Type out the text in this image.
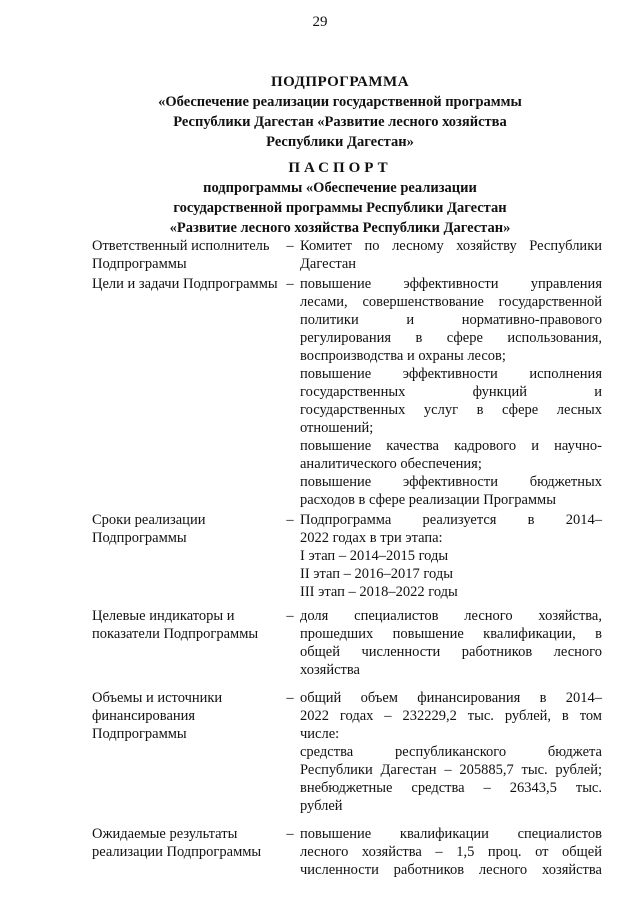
29
ПОДПРОГРАММА
«Обеспечение реализации государственной программы
Республики Дагестан «Развитие лесного хозяйства
Республики Дагестан»
ПАСПОРТ
подпрограммы «Обеспечение реализации
государственной программы Республики Дагестан
«Развитие лесного хозяйства Республики Дагестан»
Ответственный исполнитель
Подпрограммы
– Комитет по лесному хозяйству Республики
Дагестан
Цели и задачи Подпрограммы – повышение эффективности управления
лесами, совершенствование государственной
политики и нормативно-правового
регулирования в сфере использования,
воспроизводства и охраны лесов;
повышение эффективности исполнения
государственных функций и
государственных услуг в сфере лесных
отношений;
повышение качества кадрового и научно-
аналитического обеспечения;
повышение эффективности бюджетных
расходов в сфере реализации Программы
Сроки реализации
Подпрограммы
– Подпрограмма реализуется в 2014–
2022 годах в три этапа:
I этап – 2014–2015 годы
II этап – 2016–2017 годы
III этап – 2018–2022 годы
Целевые индикаторы и
показатели Подпрограммы
– доля специалистов лесного хозяйства,
прошедших повышение квалификации, в
общей численности работников лесного
хозяйства
Объемы и источники
финансирования
Подпрограммы
– общий объем финансирования в 2014–
2022 годах – 232229,2 тыс. рублей, в том
числе:
средства республиканского бюджета
Республики Дагестан – 205885,7 тыс. рублей;
внебюджетные средства – 26343,5 тыс.
рублей
Ожидаемые результаты
реализации Подпрограммы
– повышение квалификации специалистов
лесного хозяйства – 1,5 проц. от общей
численности работников лесного хозяйства
